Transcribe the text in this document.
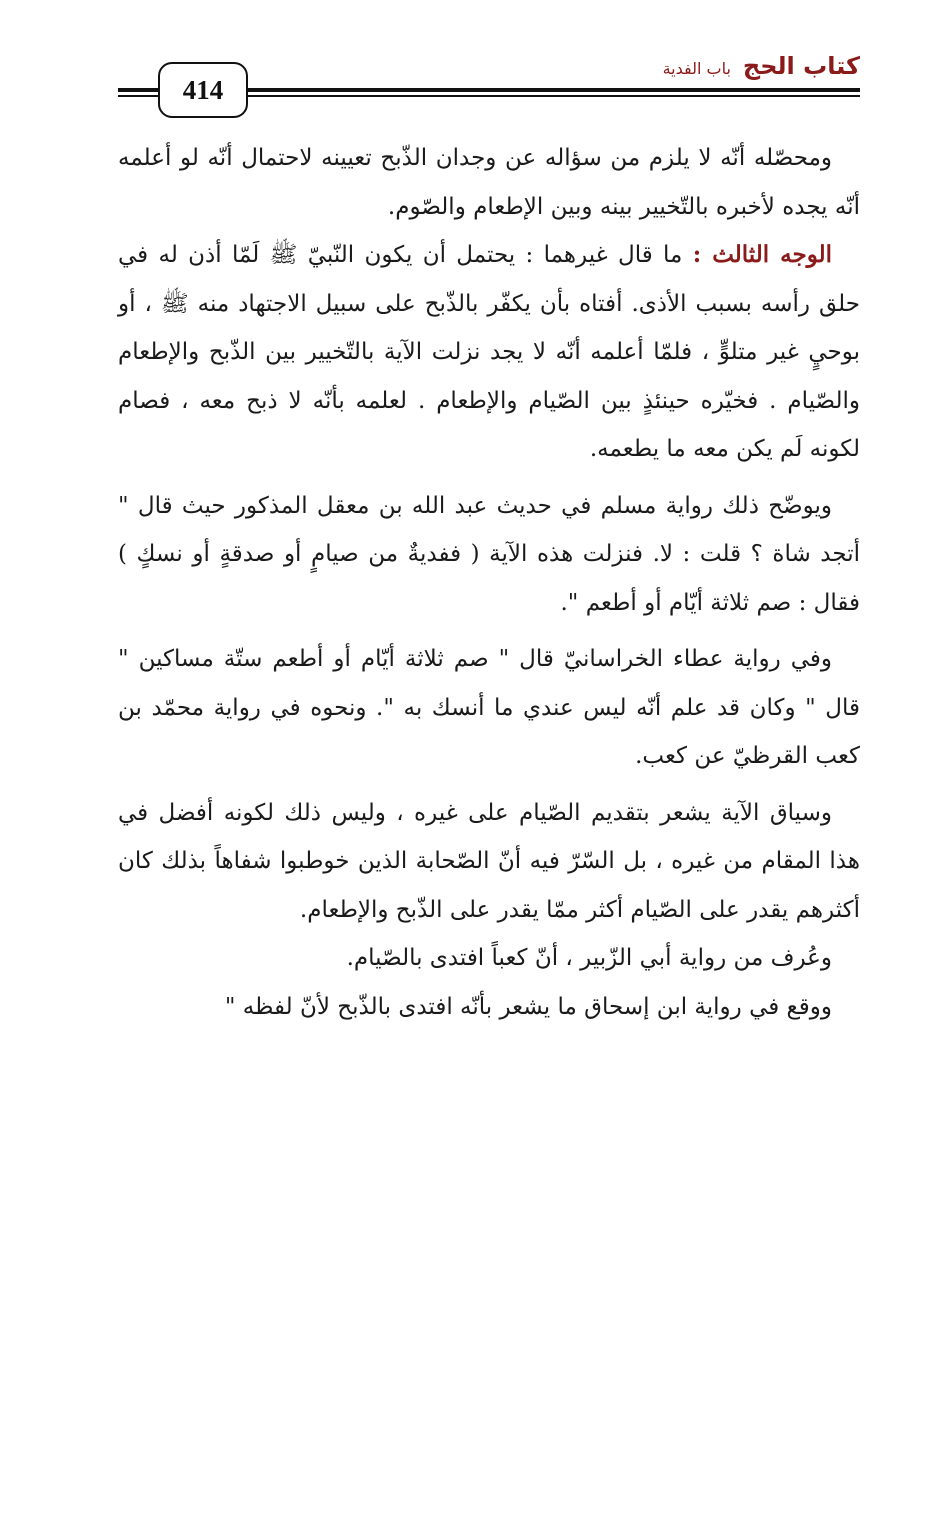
كتاب الحج
باب الفدية
414

ومحصّله أنّه لا يلزم من سؤاله عن وجدان الذّبح تعيينه لاحتمال أنّه لو أعلمه أنّه يجده لأخبره بالتّخيير بينه وبين الإطعام والصّوم.

الوجه الثالث : ما قال غيرهما : يحتمل أن يكون النّبيّ ﷺ لَمّا أذن له في حلق رأسه بسبب الأذى. أفتاه بأن يكفّر بالذّبح على سبيل الاجتهاد منه ﷺ ، أو بوحيٍ غير متلوٍّ ، فلمّا أعلمه أنّه لا يجد نزلت الآية بالتّخيير بين الذّبح والإطعام والصّيام . فخيّره حينئذٍ بين الصّيام والإطعام . لعلمه بأنّه لا ذبح معه ، فصام لكونه لَم يكن معه ما يطعمه.

ويوضّح ذلك رواية مسلم في حديث عبد الله بن معقل المذكور حيث قال " أتجد شاة ؟ قلت : لا. فنزلت هذه الآية ( ففديةٌ من صيامٍ أو صدقةٍ أو نسكٍ ) فقال : صم ثلاثة أيّام أو أطعم ".

وفي رواية عطاء الخراسانيّ قال " صم ثلاثة أيّام أو أطعم ستّة مساكين " قال " وكان قد علم أنّه ليس عندي ما أنسك به ". ونحوه في رواية محمّد بن كعب القرظيّ عن كعب.

وسياق الآية يشعر بتقديم الصّيام على غيره ، وليس ذلك لكونه أفضل في هذا المقام من غيره ، بل السّرّ فيه أنّ الصّحابة الذين خوطبوا شفاهاً بذلك كان أكثرهم يقدر على الصّيام أكثر ممّا يقدر على الذّبح والإطعام.

وعُرف من رواية أبي الزّبير ، أنّ كعباً افتدى بالصّيام.

ووقع في رواية ابن إسحاق ما يشعر بأنّه افتدى بالذّبح لأنّ لفظه "
